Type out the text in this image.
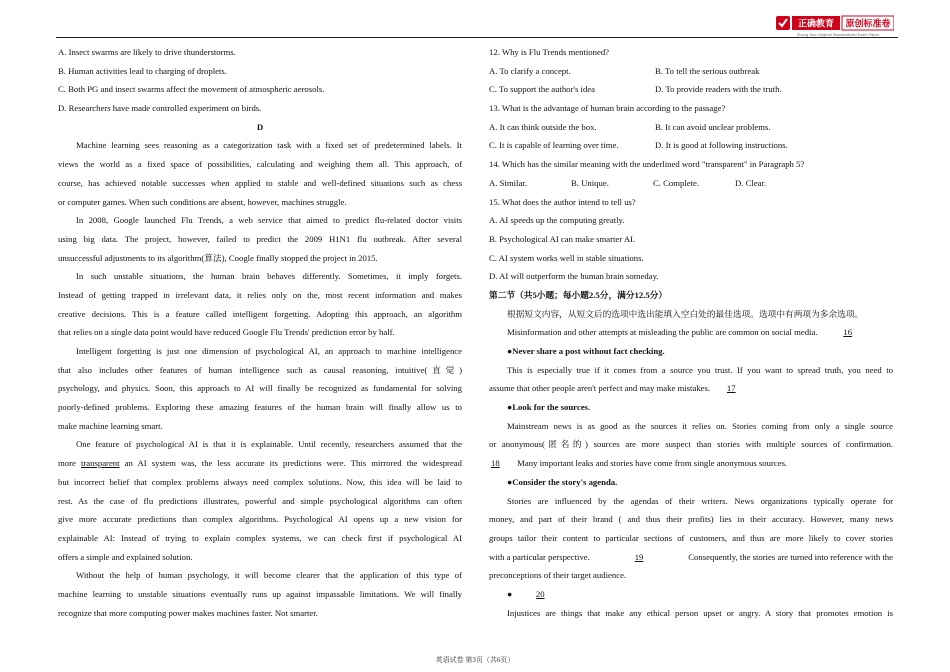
正确教育 原创标准卷
Zhong Guo Original Standardized Exam Paper
A. Insect swarms are likely to drive thunderstorms.
B. Human activities lead to charging of droplets.
C. Both PG and insect swarms affect the movement of atmospheric aerosols.
D. Researchers have made controlled experiment on birds.
D
Machine learning sees reasoning as a categorization task with a fixed set of predetermined labels. It
views the world as a fixed space of possibilities, calculating and weighing them all. This approach, of
course, has achieved notable successes when applied to stable and well-defined situations such as chess
or computer games. When such conditions are absent, however, machines struggle.
In 2008, Google launched Flu Trends, a web service that aimed to predict flu-related doctor visits
using big data. The project, however, failed to predict the 2009 H1N1 flu outbreak. After several
unsuccessful adjustments to its algorithm(算法), Coogle finally stopped the project in 2015.
In such unstable situations, the human brain behaves differently. Sometimes, it imply forgets.
Instead of getting trapped in irrelevant data, it relies only on the, most recent information and makes
creative decisions. This is a feature called intelligent forgetting. Adopting this approach, an algorithm
that relies on a single data point would have reduced Google Flu Trends' prediction error by half.
Intelligent forgetting is just one dimension of psychological AI, an approach to machine intelligence
that also includes other features of human intelligence such as causal reasoning, intuitive(直觉)
psychology, and physics. Soon, this approach to AI will finally be recognized as fundamental for solving
poorly-defined problems. Exploring these amazing features of the human brain will finally allow us to
make machine learning smart.
One feature of psychological AI is that it is explainable. Until recently, researchers assumed that the
more transparent an AI system was, the less accurate its predictions were. This mirrored the widespread
but incorrect belief that complex problems always need complex solutions. Now, this idea will be laid to
rest. As the case of flu predictions illustrates, powerful and simple psychological algorithms can often
give more accurate predictions than complex algorithms. Psychological AI opens up a new vision for
explainable AI: Instead of trying to explain complex systems, we can check first if psychological AI
offers a simple and explained solution.
Without the help of human psychology, it will become clearer that the application of this type of
machine learning to unstable situations eventually runs up against impassable limitations. We will finally
recognize that more computing power makes machines faster. Not smarter.
12. Why is Flu Trends mentioned?
A. To clarify a concept.	B. To tell the serious outbreak
C. To support the author's idea	D. To provide readers with the truth.
13. What is the advantage of human brain according to the passage?
A. It can think outside the box.	B. It can avoid unclear problems.
C. It is capable of learning over time.	D. It is good at following instructions.
14. Which has the similar meaning with the underlined word "transparent" in Paragraph 5?
A. Similar.	B. Unique.	C. Complete.	D. Clear.
15. What does the author intend to tell us?
A. AI speeds up the computing greatly.
B. Psychological AI can make smarter AI.
C. AI system works well in stable situations.
D. AI will outperform the human brain someday.
第二节（共5小题；每小题2.5分，满分12.5分）
根据短文内容，从短文后的选项中选出能填入空白处的最佳选项。选项中有两项为多余选项。
Misinformation and other attempts at misleading the public are common on social media.	16
●Never share a post without fact checking.
This is especially true if it comes from a source you trust. If you want to spread truth, you need to
assume that other people aren't perfect and may make mistakes. 17
●Look for the sources.
Mainstream news is as good as the sources it relies on. Stories coming from only a single source
or anonymous(匿名的) sources are more suspect than stories with multiple sources of confirmation.
18 Many important leaks and stories have come from single anonymous sources.
●Consider the story's agenda.
Stories are influenced by the agendas of their writers. News organizations typically operate for
money, and part of their brand ( and thus their profits) lies in their accuracy. However, many news
groups tailor their content to particular sections of customers, and thus are more likely to cover stories
with a particular perspective.	19	Consequently, the stories are turned into reference with the
preconceptions of their target audience.
●	20
Injustices are things that make any ethical person upset or angry. A story that promotes emotion is
英语试卷 第3页（共6页）
